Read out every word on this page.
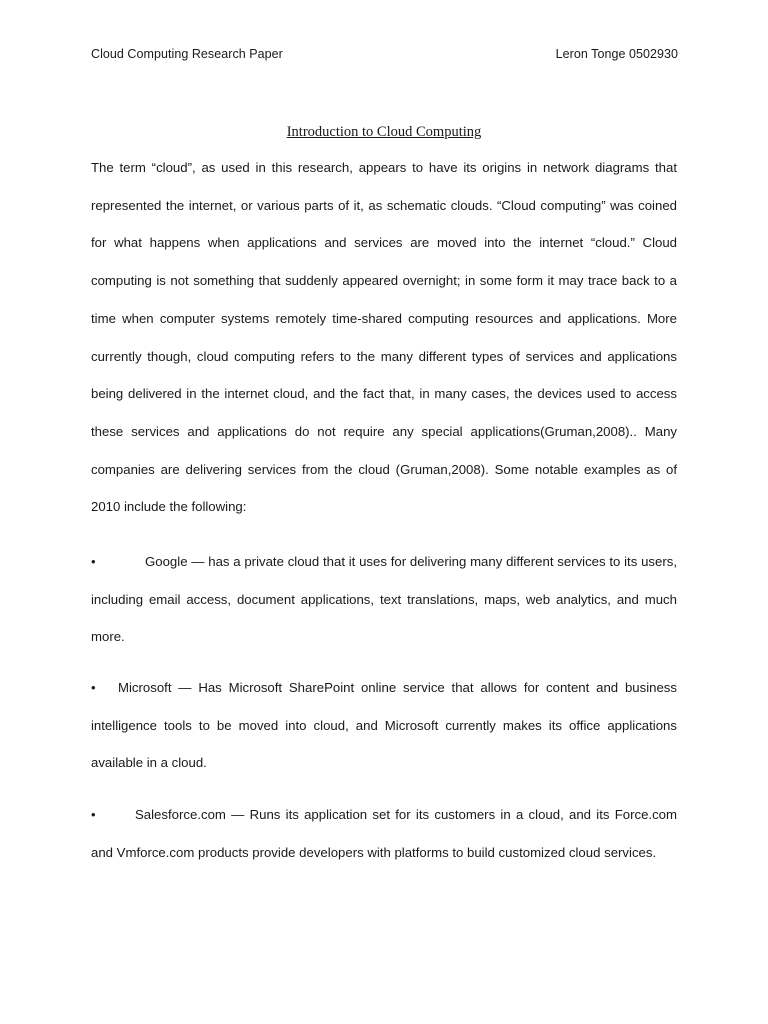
Cloud Computing Research Paper	Leron Tonge 0502930
Introduction to Cloud Computing

The term “cloud”, as used in this research, appears to have its origins in network diagrams that represented the internet, or various parts of it, as schematic clouds. “Cloud computing” was coined for what happens when applications and services are moved into the internet “cloud.” Cloud computing is not something that suddenly appeared overnight; in some form it may trace back to a time when computer systems remotely time-shared computing resources and applications. More currently though, cloud computing refers to the many different types of services and applications being delivered in the internet cloud, and the fact that, in many cases, the devices used to access these services and applications do not require any special applications(Gruman,2008).. Many companies are delivering services from the cloud (Gruman,2008). Some notable examples as of 2010 include the following:

•	Google — has a private cloud that it uses for delivering many different services to its users, including email access, document applications, text translations, maps, web analytics, and much more.

• Microsoft — Has Microsoft SharePoint online service that allows for content and business intelligence tools to be moved into cloud, and Microsoft currently makes its office applications available in a cloud.

•	Salesforce.com — Runs its application set for its customers in a cloud, and its Force.com and Vmforce.com products provide developers with platforms to build customized cloud services.
